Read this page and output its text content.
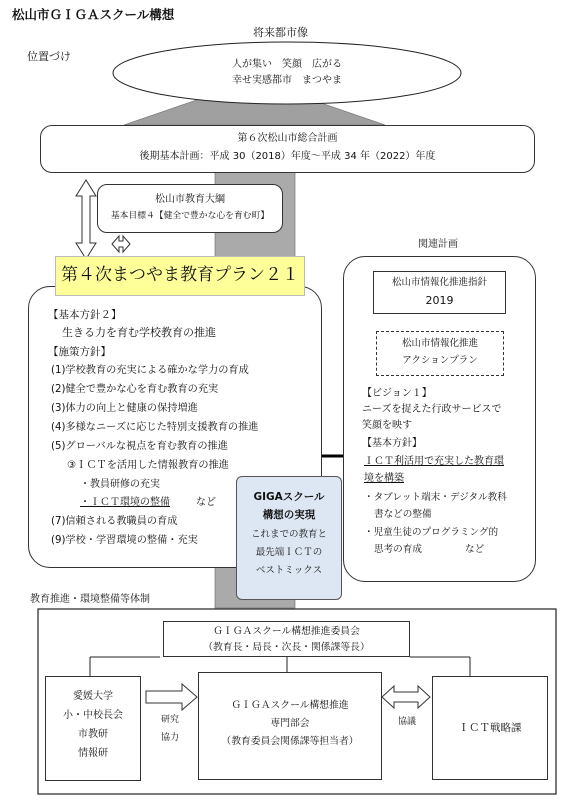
松山市ＧＩＧＡスクール構想
将来都市像
位置づけ
人が集い　笑顔　広がる
幸せ実感都市　まつやま
第６次松山市総合計画
後期基本計画：平成 30（2018）年度～平成 34 年（2022）年度
松山市教育大綱
基本目標４【健全で豊かな心を育む町】
関連計画
第４次まつやま教育プラン２１
【基本方針２】
生きる力を育む学校教育の推進
【施策方針】
(1)学校教育の充実による確かな学力の育成
(2)健全で豊かな心を育む教育の充実
(3)体力の向上と健康の保持増進
(4)多様なニーズに応じた特別支援教育の推進
(5)グローバルな視点を育む教育の推進
③ＩＣＴを活用した情報教育の推進
・教員研修の充実
・ＩＣＴ環境の整備	など
(7)信頼される教職員の育成
(9)学校・学習環境の整備・充実
松山市情報化推進指針
2019
松山市情報化推進
アクションプラン
【ビジョン１】
ニーズを捉えた行政サービスで
笑顔を映す
【基本方針】
ＩＣＴ利活用で充実した教育環
境を構築
・タブレット端末・デジタル教科
書などの整備
・児童生徒のプログラミング的
思考の育成	など
GIGAスクール
構想の実現
これまでの教育と
最先端ＩＣＴの
ベストミックス
教育推進・環境整備等体制
ＧＩＧＡスクール構想推進委員会
（教育長・局長・次長・関係課等長）
愛媛大学
小・中校長会
市教研
情報研
研究
協力
ＧＩＧＡスクール構想推進
専門部会
（教育委員会関係課等担当者）
協議	ＩＣＴ戦略課
